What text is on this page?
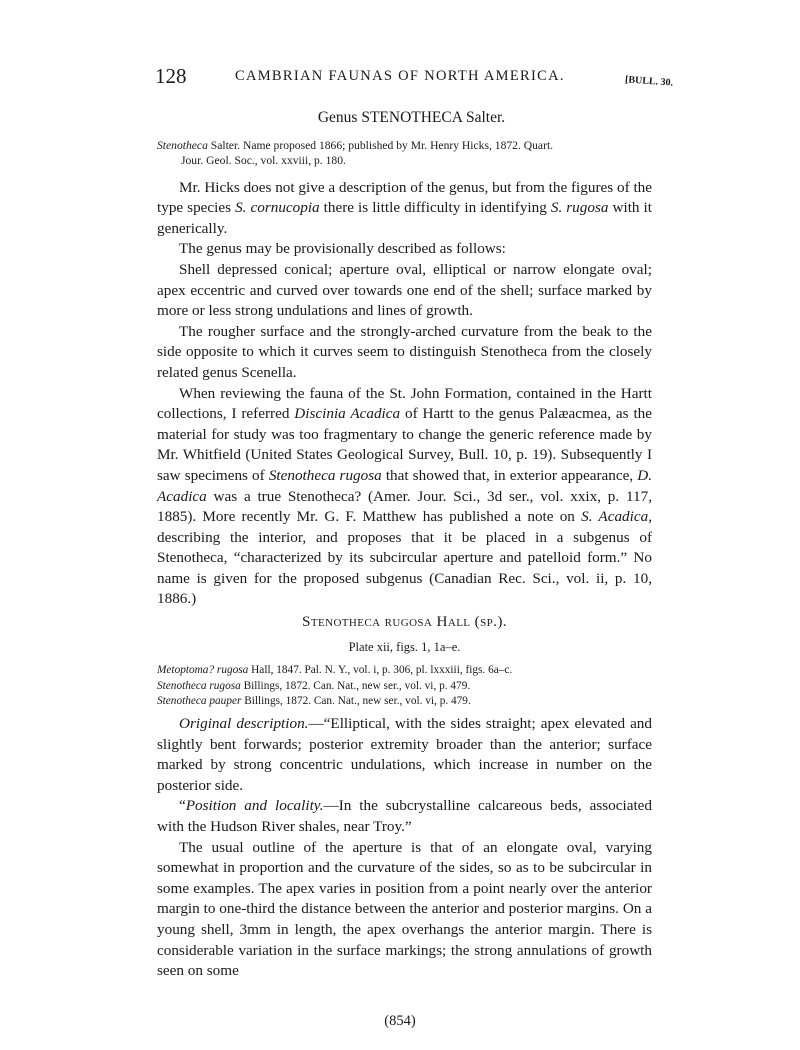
128	CAMBRIAN FAUNAS OF NORTH AMERICA.	[BULL. 30.

Genus STENOTHECA Salter.

Stenotheca Salter. Name proposed 1866; published by Mr. Henry Hicks, 1872. Quart.

Jour. Geol. Soc., vol. xxviii, p. 180.

Mr. Hicks does not give a description of the genus, but from the figures of the type species S. cornucopia there is little difficulty in identifying S. rugosa with it generically.

The genus may be provisionally described as follows:

Shell depressed conical; aperture oval, elliptical or narrow elongate oval; apex eccentric and curved over towards one end of the shell; surface marked by more or less strong undulations and lines of growth.

The rougher surface and the strongly-arched curvature from the beak to the side opposite to which it curves seem to distinguish Stenotheca from the closely related genus Scenella.

When reviewing the fauna of the St. John Formation, contained in the Hartt collections, I referred Discinia Acadica of Hartt to the genus Palæacmea, as the material for study was too fragmentary to change the generic reference made by Mr. Whitfield (United States Geological Survey, Bull. 10, p. 19). Subsequently I saw specimens of Stenotheca rugosa that showed that, in exterior appearance, D. Acadica was a true Stenotheca? (Amer. Jour. Sci., 3d ser., vol. xxix, p. 117, 1885). More recently Mr. G. F. Matthew has published a note on S. Acadica, describing the interior, and proposes that it be placed in a subgenus of Stenotheca, “characterized by its subcircular aperture and patelloid form.” No name is given for the proposed subgenus (Canadian Rec. Sci., vol. ii, p. 10, 1886.)

Stenotheca rugosa Hall (sp.).

Plate xii, figs. 1, 1a–e.

Metoptoma? rugosa Hall, 1847. Pal. N. Y., vol. i, p. 306, pl. lxxxiii, figs. 6a–c.
Stenotheca rugosa Billings, 1872. Can. Nat., new ser., vol. vi, p. 479.
Stenotheca pauper Billings, 1872. Can. Nat., new ser., vol. vi, p. 479.

Original description.—“Elliptical, with the sides straight; apex elevated and slightly bent forwards; posterior extremity broader than the anterior; surface marked by strong concentric undulations, which increase in number on the posterior side.

“Position and locality.—In the subcrystalline calcareous beds, associated with the Hudson River shales, near Troy.”

The usual outline of the aperture is that of an elongate oval, varying somewhat in proportion and the curvature of the sides, so as to be subcircular in some examples. The apex varies in position from a point nearly over the anterior margin to one-third the distance between the anterior and posterior margins. On a young shell, 3mm in length, the apex overhangs the anterior margin. There is considerable variation in the surface markings; the strong annulations of growth seen on some

(854)
